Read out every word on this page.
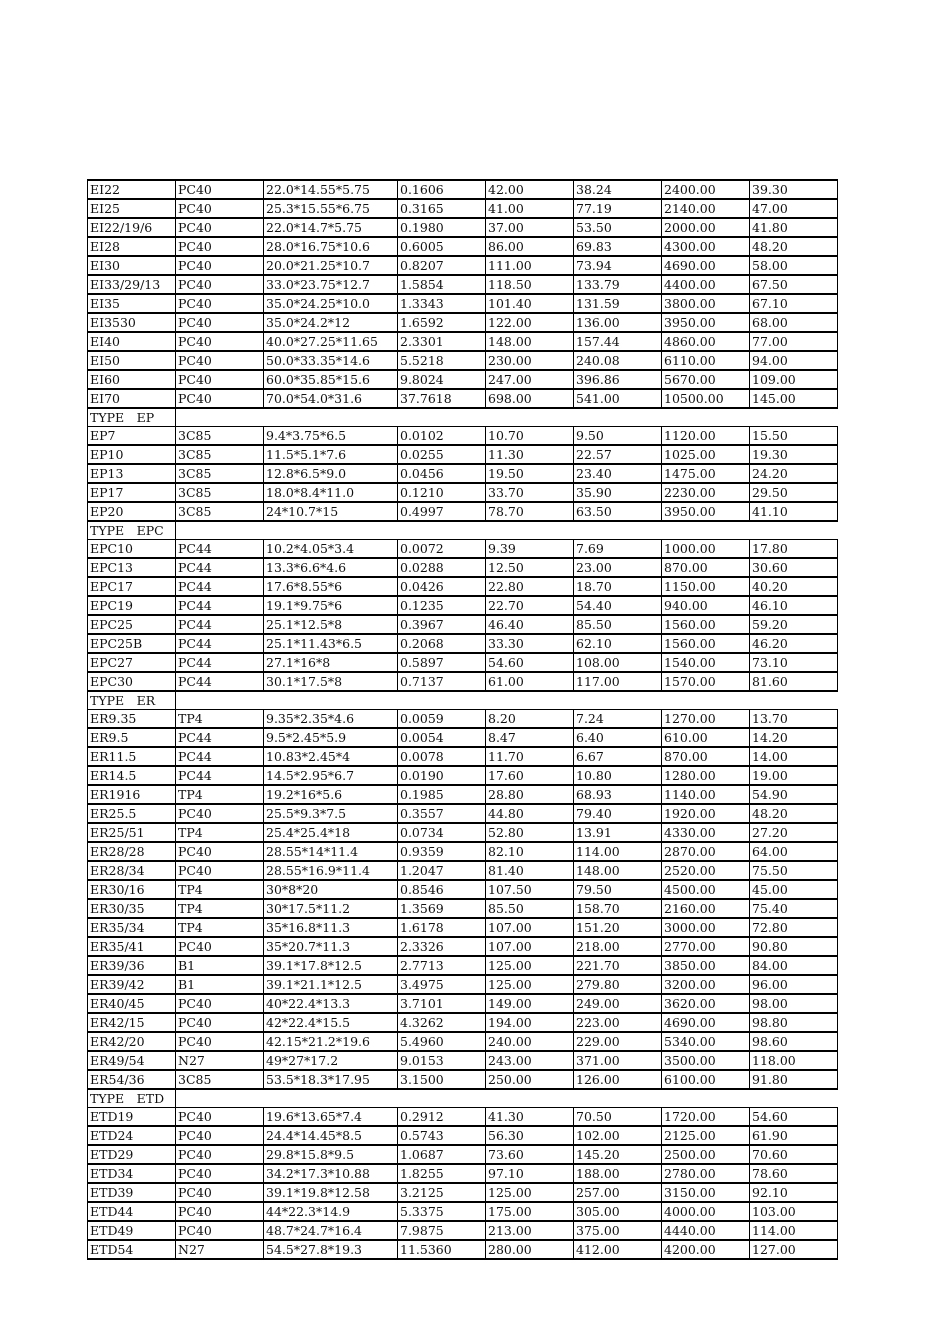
EI22	PC40	22.0*14.55*5.75	0.1606	42.00	38.24	2400.00	39.30
EI25	PC40	25.3*15.55*6.75	0.3165	41.00	77.19	2140.00	47.00
EI22/19/6	PC40	22.0*14.7*5.75	0.1980	37.00	53.50	2000.00	41.80
EI28	PC40	28.0*16.75*10.6	0.6005	86.00	69.83	4300.00	48.20
EI30	PC40	20.0*21.25*10.7	0.8207	111.00	73.94	4690.00	58.00
EI33/29/13	PC40	33.0*23.75*12.7	1.5854	118.50	133.79	4400.00	67.50
EI35	PC40	35.0*24.25*10.0	1.3343	101.40	131.59	3800.00	67.10
EI3530	PC40	35.0*24.2*12	1.6592	122.00	136.00	3950.00	68.00
EI40	PC40	40.0*27.25*11.65	2.3301	148.00	157.44	4860.00	77.00
EI50	PC40	50.0*33.35*14.6	5.5218	230.00	240.08	6110.00	94.00
EI60	PC40	60.0*35.85*15.6	9.8024	247.00	396.86	5670.00	109.00
EI70	PC40	70.0*54.0*31.6	37.7618	698.00	541.00	10500.00	145.00
TYPE　EP							
EP7	3C85	9.4*3.75*6.5	0.0102	10.70	9.50	1120.00	15.50
EP10	3C85	11.5*5.1*7.6	0.0255	11.30	22.57	1025.00	19.30
EP13	3C85	12.8*6.5*9.0	0.0456	19.50	23.40	1475.00	24.20
EP17	3C85	18.0*8.4*11.0	0.1210	33.70	35.90	2230.00	29.50
EP20	3C85	24*10.7*15	0.4997	78.70	63.50	3950.00	41.10
TYPE　EPC							
EPC10	PC44	10.2*4.05*3.4	0.0072	9.39	7.69	1000.00	17.80
EPC13	PC44	13.3*6.6*4.6	0.0288	12.50	23.00	870.00	30.60
EPC17	PC44	17.6*8.55*6	0.0426	22.80	18.70	1150.00	40.20
EPC19	PC44	19.1*9.75*6	0.1235	22.70	54.40	940.00	46.10
EPC25	PC44	25.1*12.5*8	0.3967	46.40	85.50	1560.00	59.20
EPC25B	PC44	25.1*11.43*6.5	0.2068	33.30	62.10	1560.00	46.20
EPC27	PC44	27.1*16*8	0.5897	54.60	108.00	1540.00	73.10
EPC30	PC44	30.1*17.5*8	0.7137	61.00	117.00	1570.00	81.60
TYPE　ER							
ER9.35	TP4	9.35*2.35*4.6	0.0059	8.20	7.24	1270.00	13.70
ER9.5	PC44	9.5*2.45*5.9	0.0054	8.47	6.40	610.00	14.20
ER11.5	PC44	10.83*2.45*4	0.0078	11.70	6.67	870.00	14.00
ER14.5	PC44	14.5*2.95*6.7	0.0190	17.60	10.80	1280.00	19.00
ER1916	TP4	19.2*16*5.6	0.1985	28.80	68.93	1140.00	54.90
ER25.5	PC40	25.5*9.3*7.5	0.3557	44.80	79.40	1920.00	48.20
ER25/51	TP4	25.4*25.4*18	0.0734	52.80	13.91	4330.00	27.20
ER28/28	PC40	28.55*14*11.4	0.9359	82.10	114.00	2870.00	64.00
ER28/34	PC40	28.55*16.9*11.4	1.2047	81.40	148.00	2520.00	75.50
ER30/16	TP4	30*8*20	0.8546	107.50	79.50	4500.00	45.00
ER30/35	TP4	30*17.5*11.2	1.3569	85.50	158.70	2160.00	75.40
ER35/34	TP4	35*16.8*11.3	1.6178	107.00	151.20	3000.00	72.80
ER35/41	PC40	35*20.7*11.3	2.3326	107.00	218.00	2770.00	90.80
ER39/36	B1	39.1*17.8*12.5	2.7713	125.00	221.70	3850.00	84.00
ER39/42	B1	39.1*21.1*12.5	3.4975	125.00	279.80	3200.00	96.00
ER40/45	PC40	40*22.4*13.3	3.7101	149.00	249.00	3620.00	98.00
ER42/15	PC40	42*22.4*15.5	4.3262	194.00	223.00	4690.00	98.80
ER42/20	PC40	42.15*21.2*19.6	5.4960	240.00	229.00	5340.00	98.60
ER49/54	N27	49*27*17.2	9.0153	243.00	371.00	3500.00	118.00
ER54/36	3C85	53.5*18.3*17.95	3.1500	250.00	126.00	6100.00	91.80
TYPE　ETD							
ETD19	PC40	19.6*13.65*7.4	0.2912	41.30	70.50	1720.00	54.60
ETD24	PC40	24.4*14.45*8.5	0.5743	56.30	102.00	2125.00	61.90
ETD29	PC40	29.8*15.8*9.5	1.0687	73.60	145.20	2500.00	70.60
ETD34	PC40	34.2*17.3*10.88	1.8255	97.10	188.00	2780.00	78.60
ETD39	PC40	39.1*19.8*12.58	3.2125	125.00	257.00	3150.00	92.10
ETD44	PC40	44*22.3*14.9	5.3375	175.00	305.00	4000.00	103.00
ETD49	PC40	48.7*24.7*16.4	7.9875	213.00	375.00	4440.00	114.00
ETD54	N27	54.5*27.8*19.3	11.5360	280.00	412.00	4200.00	127.00
